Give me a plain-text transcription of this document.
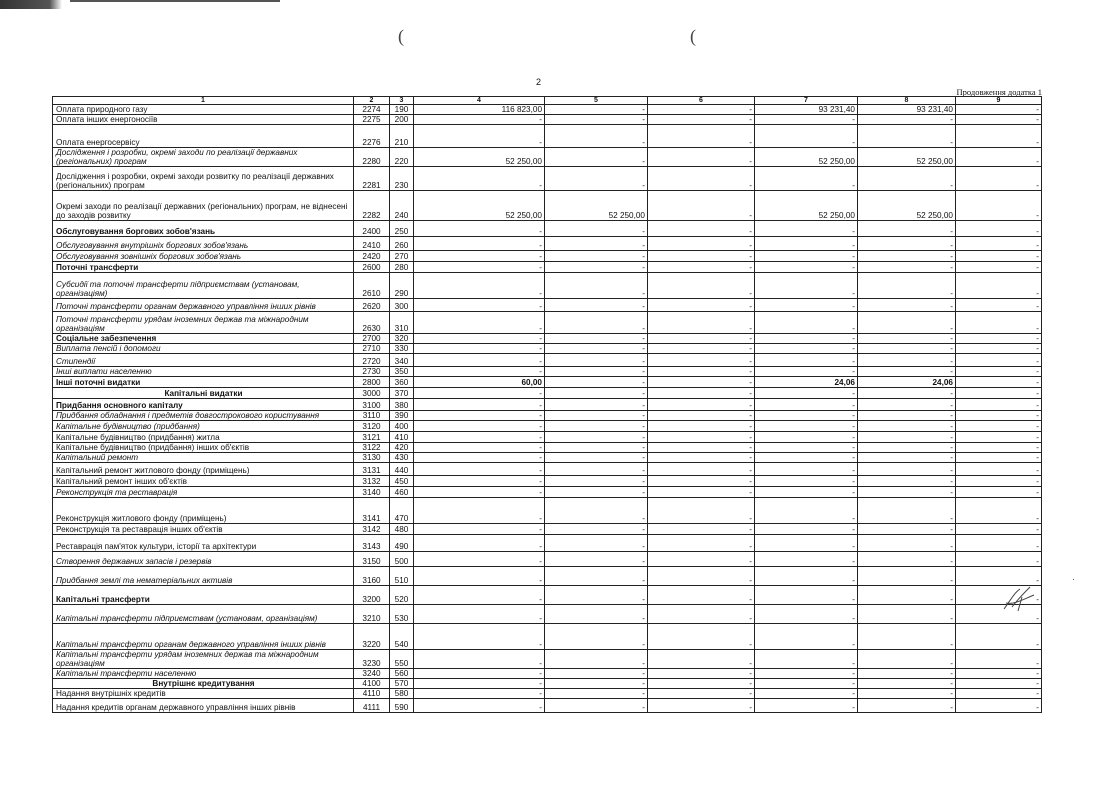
(	(
2
Продовження додатка 1
1	2	3	4	5	6	7	8	9
Оплата природного газу	2274	190	116 823,00	-	-	93 231,40	93 231,40	-
Оплата інших енергоносіїв	2275	200	-	-	-	-	-	-
Оплата енергосервісу	2276	210	-	-	-	-	-	-
Дослідження і розробки, окремі заходи по реалізації державних (регіональних) програм	2280	220	52 250,00	-	-	52 250,00	52 250,00	-
Дослідження і розробки, окремі заходи розвитку по реалізації державних (регіональних) програм	2281	230	-	-	-	-	-	-
Окремі заходи по реалізації державних (регіональних) програм, не віднесені до заходів розвитку	2282	240	52 250,00	52 250,00	-	52 250,00	52 250,00	-
Обслуговування боргових зобов'язань	2400	250	-	-	-	-	-	-
Обслуговування внутрішніх боргових зобов'язань	2410	260	-	-	-	-	-	-
Обслуговування зовнішніх боргових зобов'язань	2420	270	-	-	-	-	-	-
Поточні трансферти	2600	280	-	-	-	-	-	-
Субсидії та поточні трансферти підприємствам (установам, організаціям)	2610	290	-	-	-	-	-	-
Поточні трансферти органам державного управління інших рівнів	2620	300	-	-	-	-	-	-
Поточні трансферти урядам іноземних держав та міжнародним організаціям	2630	310	-	-	-	-	-	-
Соціальне забезпечення	2700	320	-	-	-	-	-	-
Виплата пенсій і допомоги	2710	330	-	-	-	-	-	-
Стипендії	2720	340	-	-	-	-	-	-
Інші виплати населенню	2730	350	-	-	-	-	-	-
Інші поточні видатки	2800	360	60,00	-	-	24,06	24,06	-
Капітальні видатки	3000	370	-	-	-	-	-	-
Придбання основного капіталу	3100	380	-	-	-	-	-	-
Придбання обладнання і предметів довгострокового користування	3110	390	-	-	-	-	-	-
Капітальне будівництво (придбання)	3120	400	-	-	-	-	-	-
Капітальне будівництво (придбання) житла	3121	410	-	-	-	-	-	-
Капітальне будівництво (придбання) інших об'єктів	3122	420	-	-	-	-	-	-
Капітальний ремонт	3130	430	-	-	-	-	-	-
Капітальний ремонт житлового фонду (приміщень)	3131	440	-	-	-	-	-	-
Капітальний ремонт інших об'єктів	3132	450	-	-	-	-	-	-
Реконструкція та реставрація	3140	460	-	-	-	-	-	-
Реконструкція житлового фонду (приміщень)	3141	470	-	-	-	-	-	-
Реконструкція та реставрація інших об'єктів	3142	480	-	-	-	-	-	-
Реставрація пам'яток культури, історії та архітектури	3143	490	-	-	-	-	-	-
Створення державних запасів і резервів	3150	500	-	-	-	-	-	-
Придбання землі та нематеріальних активів	3160	510	-	-	-	-	-	-
Капітальні трансферти	3200	520	-	-	-	-	-	-
Капітальні трансферти підприємствам (установам, організаціям)	3210	530	-	-	-	-	-	-
Капітальні трансферти органам державного управління інших рівнів	3220	540	-	-	-	-	-	-
Капітальні трансферти урядам іноземних держав та міжнародним організаціям	3230	550	-	-	-	-	-	-
Капітальні трансферти населенню	3240	560	-	-	-	-	-	-
Внутрішнє кредитування	4100	570	-	-	-	-	-	-
Надання внутрішніх кредитів	4110	580	-	-	-	-	-	-
Надання кредитів органам державного управління інших рівнів	4111	590	-	-	-	-	-	-
·
